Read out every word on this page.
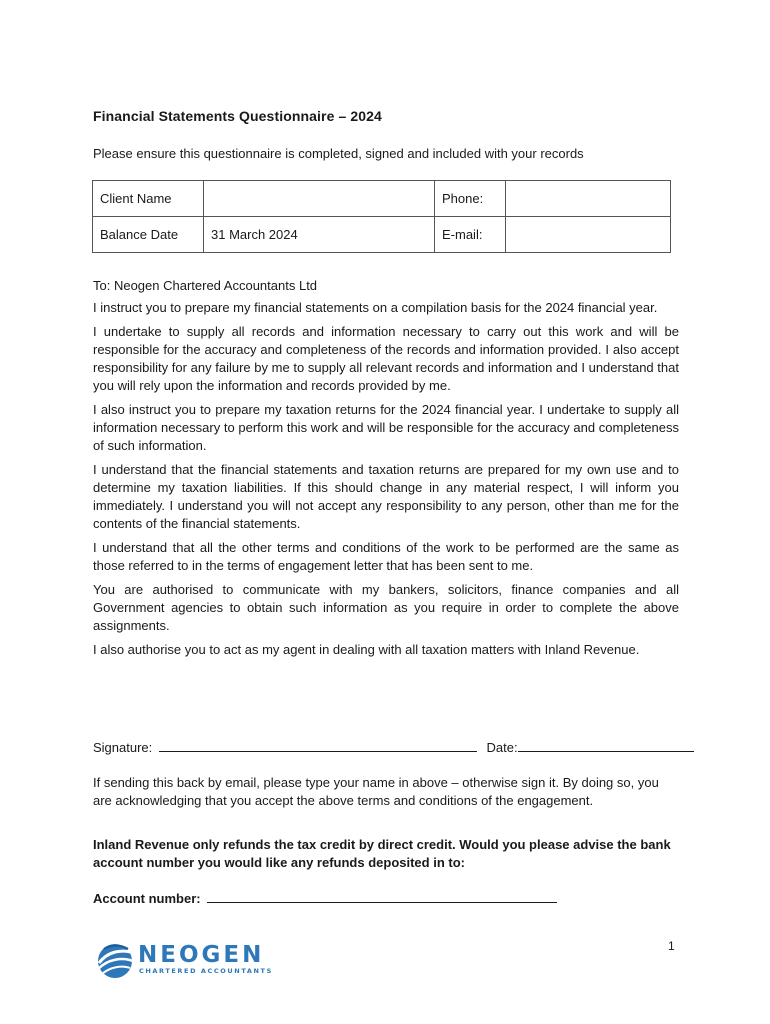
Financial Statements Questionnaire – 2024
Please ensure this questionnaire is completed, signed and included with your records
Client Name		Phone:	
Balance Date	31 March 2024	E-mail:	

To: Neogen Chartered Accountants Ltd

I instruct you to prepare my financial statements on a compilation basis for the 2024 financial year.

I undertake to supply all records and information necessary to carry out this work and will be responsible for the accuracy and completeness of the records and information provided. I also accept responsibility for any failure by me to supply all relevant records and information and I understand that you will rely upon the information and records provided by me.

I also instruct you to prepare my taxation returns for the 2024 financial year. I undertake to supply all information necessary to perform this work and will be responsible for the accuracy and completeness of such information.

I understand that the financial statements and taxation returns are prepared for my own use and to determine my taxation liabilities. If this should change in any material respect, I will inform you immediately. I understand you will not accept any responsibility to any person, other than me for the contents of the financial statements.

I understand that all the other terms and conditions of the work to be performed are the same as those referred to in the terms of engagement letter that has been sent to me.

You are authorised to communicate with my bankers, solicitors, finance companies and all Government agencies to obtain such information as you require in order to complete the above assignments.

I also authorise you to act as my agent in dealing with all taxation matters with Inland Revenue.

Signature:	Date:
If sending this back by email, please type your name in above – otherwise sign it. By doing so, you are acknowledging that you accept the above terms and conditions of the engagement.
Inland Revenue only refunds the tax credit by direct credit. Would you please advise the bank account number you would like any refunds deposited in to:
Account number:
1
NEOGEN
CHARTERED ACCOUNTANTS
